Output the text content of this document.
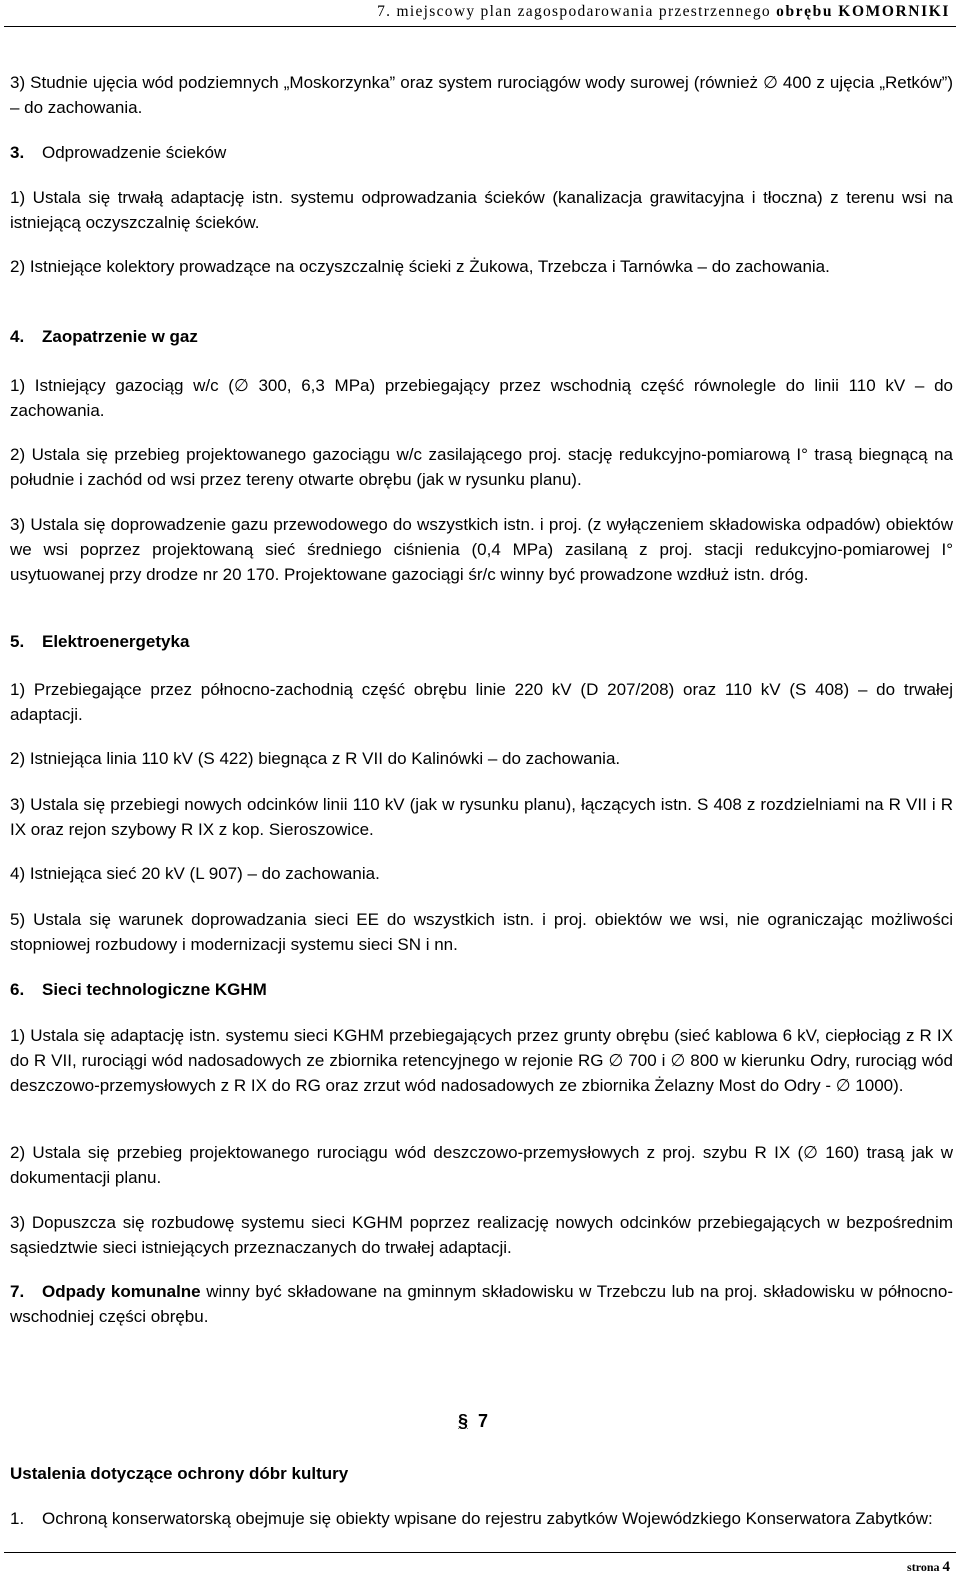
7. miejscowy plan zagospodarowania przestrzennego obrębu KOMORNIKI

3) Studnie ujęcia wód podziemnych „Moskorzynka” oraz system rurociągów wody surowej (również ∅ 400 z ujęcia „Retków”) – do zachowania.

3. Odprowadzenie ścieków

1) Ustala się trwałą adaptację istn. systemu odprowadzania ścieków (kanalizacja grawitacyjna i tłoczna) z terenu wsi na istniejącą oczyszczalnię ścieków.

2) Istniejące kolektory prowadzące na oczyszczalnię ścieki z Żukowa, Trzebcza i Tarnówka – do zachowania.

4. Zaopatrzenie w gaz

1) Istniejący gazociąg w/c (∅ 300, 6,3 MPa) przebiegający przez wschodnią część równolegle do linii 110 kV – do zachowania.

2) Ustala się przebieg projektowanego gazociągu w/c zasilającego proj. stację redukcyjno-pomiarową I° trasą biegnącą na południe i zachód od wsi przez tereny otwarte obrębu (jak w rysunku planu).

3) Ustala się doprowadzenie gazu przewodowego do wszystkich istn. i proj. (z wyłączeniem składowiska odpadów) obiektów we wsi poprzez projektowaną sieć średniego ciśnienia (0,4 MPa) zasilaną z proj. stacji redukcyjno-pomiarowej I° usytuowanej przy drodze nr 20 170. Projektowane gazociągi śr/c winny być prowadzone wzdłuż istn. dróg.

5. Elektroenergetyka

1) Przebiegające przez północno-zachodnią część obrębu linie 220 kV (D 207/208) oraz 110 kV (S 408) – do trwałej adaptacji.

2) Istniejąca linia 110 kV (S 422) biegnąca z R VII do Kalinówki – do zachowania.

3) Ustala się przebiegi nowych odcinków linii 110 kV (jak w rysunku planu), łączących istn. S 408 z rozdzielniami na R VII i R IX oraz rejon szybowy R IX z kop. Sieroszowice.

4) Istniejąca sieć 20 kV (L 907) – do zachowania.

5) Ustala się warunek doprowadzania sieci EE do wszystkich istn. i proj. obiektów we wsi, nie ograniczając możliwości stopniowej rozbudowy i modernizacji systemu sieci SN i nn.

6. Sieci technologiczne KGHM

1) Ustala się adaptację istn. systemu sieci KGHM przebiegających przez grunty obrębu (sieć kablowa 6 kV, ciepłociąg z R IX do R VII, rurociągi wód nadosadowych ze zbiornika retencyjnego w rejonie RG ∅ 700 i ∅ 800 w kierunku Odry, rurociąg wód deszczowo-przemysłowych z R IX do RG oraz zrzut wód nadosadowych ze zbiornika Żelazny Most do Odry - ∅ 1000).

2) Ustala się przebieg projektowanego rurociągu wód deszczowo-przemysłowych z proj. szybu R IX (∅ 160) trasą jak w dokumentacji planu.

3) Dopuszcza się rozbudowę systemu sieci KGHM poprzez realizację nowych odcinków przebiegających w bezpośrednim sąsiedztwie sieci istniejących przeznaczanych do trwałej adaptacji.

7. Odpady komunalne winny być składowane na gminnym składowisku w Trzebczu lub na proj. składowisku w północno-wschodniej części obrębu.

§ 7

Ustalenia dotyczące ochrony dóbr kultury

1. Ochroną konserwatorską obejmuje się obiekty wpisane do rejestru zabytków Wojewódzkiego Konserwatora Zabytków:

strona 4
